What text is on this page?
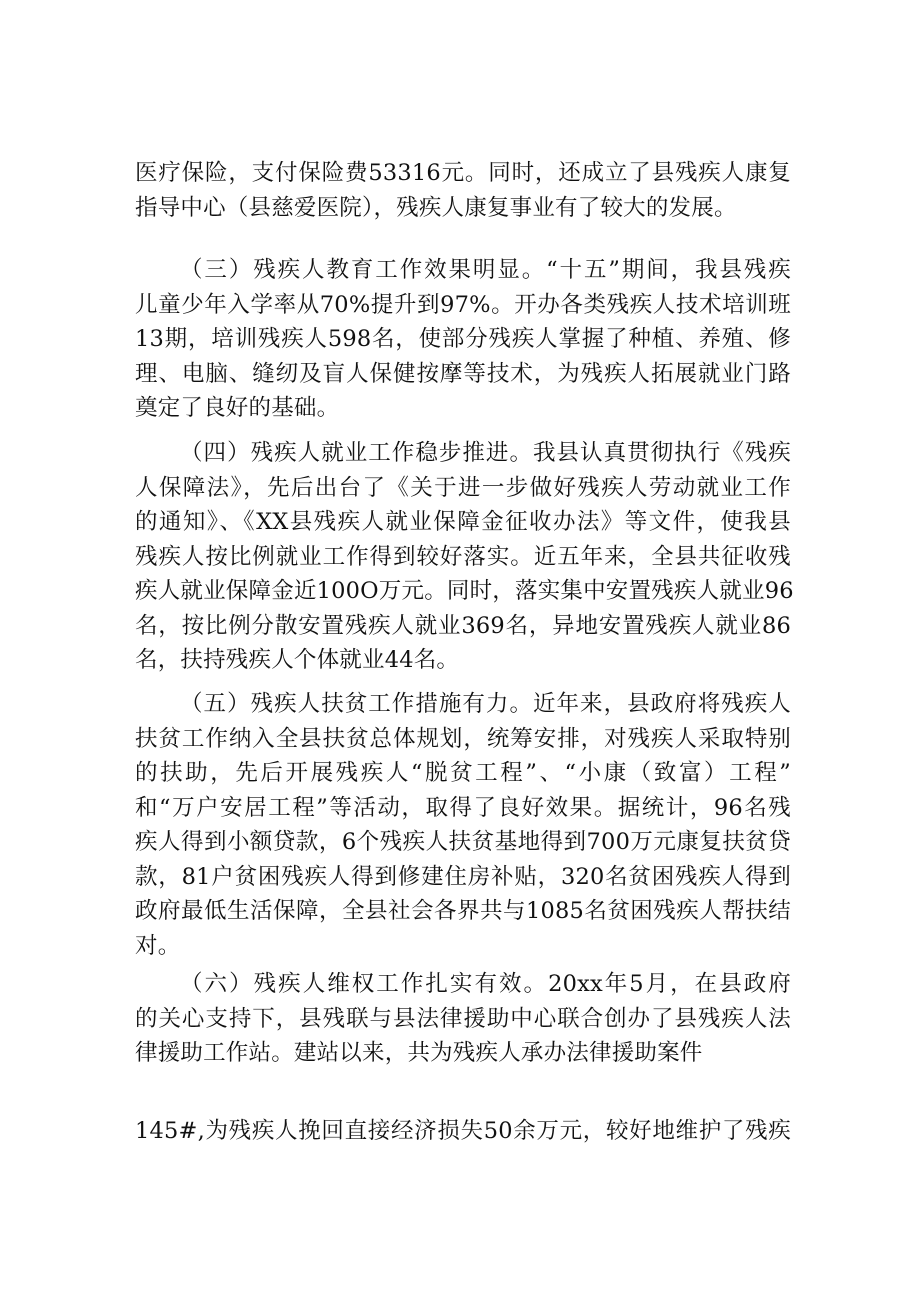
医疗保险，支付保险费53316元。同时，还成立了县残疾人康复
指导中心（县慈爱医院），残疾人康复事业有了较大的发展。
（三）残疾人教育工作效果明显。“十五”期间，我县残疾
儿童少年入学率从70%提升到97%。开办各类残疾人技术培训班
13期，培训残疾人598名，使部分残疾人掌握了种植、养殖、修
理、电脑、缝纫及盲人保健按摩等技术，为残疾人拓展就业门路
奠定了良好的基础。
（四）残疾人就业工作稳步推进。我县认真贯彻执行《残疾
人保障法》，先后出台了《关于进一步做好残疾人劳动就业工作
的通知》、《XX县残疾人就业保障金征收办法》等文件，使我县
残疾人按比例就业工作得到较好落实。近五年来，全县共征收残
疾人就业保障金近100O万元。同时，落实集中安置残疾人就业96
名，按比例分散安置残疾人就业369名，异地安置残疾人就业86
名，扶持残疾人个体就业44名。
（五）残疾人扶贫工作措施有力。近年来，县政府将残疾人
扶贫工作纳入全县扶贫总体规划，统筹安排，对残疾人采取特别
的扶助，先后开展残疾人“脱贫工程”、“小康（致富）工程”
和“万户安居工程”等活动，取得了良好效果。据统计，96名残
疾人得到小额贷款，6个残疾人扶贫基地得到700万元康复扶贫贷
款，81户贫困残疾人得到修建住房补贴，320名贫困残疾人得到
政府最低生活保障，全县社会各界共与1085名贫困残疾人帮扶结
对。
（六）残疾人维权工作扎实有效。20xx年5月，在县政府
的关心支持下，县残联与县法律援助中心联合创办了县残疾人法
律援助工作站。建站以来，共为残疾人承办法律援助案件
145#,为残疾人挽回直接经济损失50余万元，较好地维护了残疾
